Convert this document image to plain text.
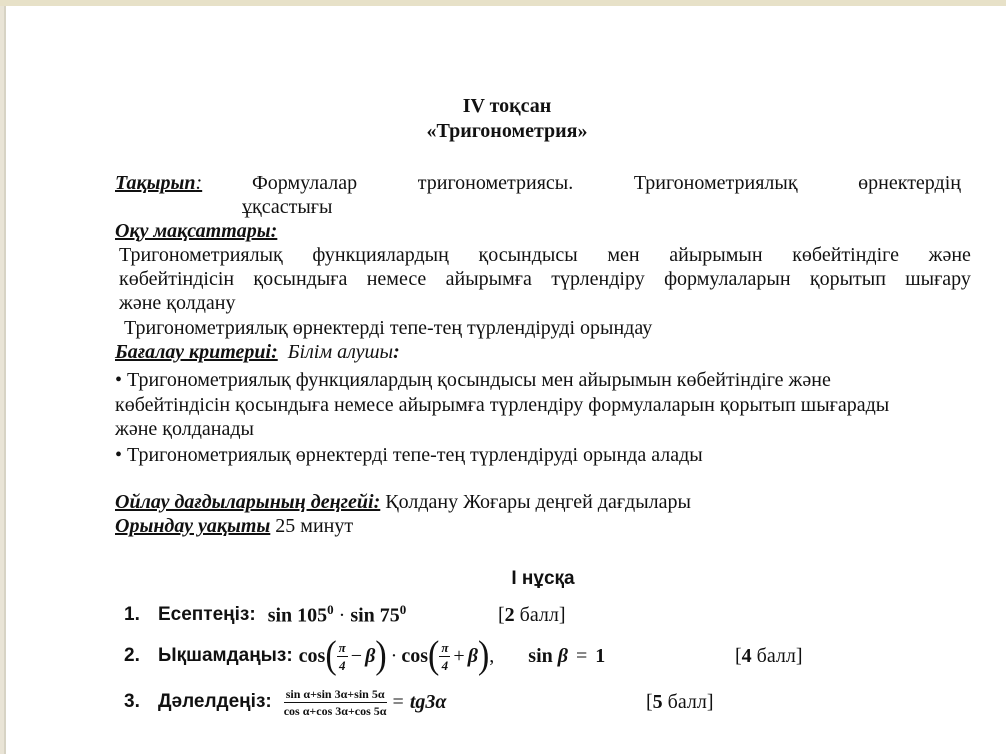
IV тоқсан
«Тригонометрия»
Тақырып: Формулалар	тригонометриясы.	Тригонометриялық	өрнектердің
ұқсастығы
Оқу мақсаттары:
Тригонометриялық функциялардың қосындысы мен айырымын көбейтіндіге және
көбейтіндісін қосындыға немесе айырымға түрлендіру формулаларын қорытып шығару
және қолдану
Тригонометриялық өрнектерді тепе-тең түрлендіруді орындау
Бағалау критериі: Білім алушы:
• Тригонометриялық функциялардың қосындысы мен айырымын көбейтіндіге және
көбейтіндісін қосындыға немесе айырымға түрлендіру формулаларын қорытып шығарады
және қолданады
• Тригонометриялық өрнектерді тепе-тең түрлендіруді орында алады
Ойлау дағдыларының деңгейі: Қолдану Жоғары деңгей дағдылары
Орындау уақыты 25 минут
І нұсқа
1. Есептеңіз: $\sin 105^0 \cdot \sin 75^0$	[2 балл]
2. Ықшамдаңыз: cos ( $\frac{\pi}{4} - \beta$ ) · cos ( $\frac{\pi}{4} + \beta$ ) , sin β = 1	[4 балл]
3. Дәлелдеңіз: $\frac{\text{sin α+sin 3α+sin 5α}}{\text{cos α+cos 3α+cos 5α}} = tg3\alpha$	[5 балл]
